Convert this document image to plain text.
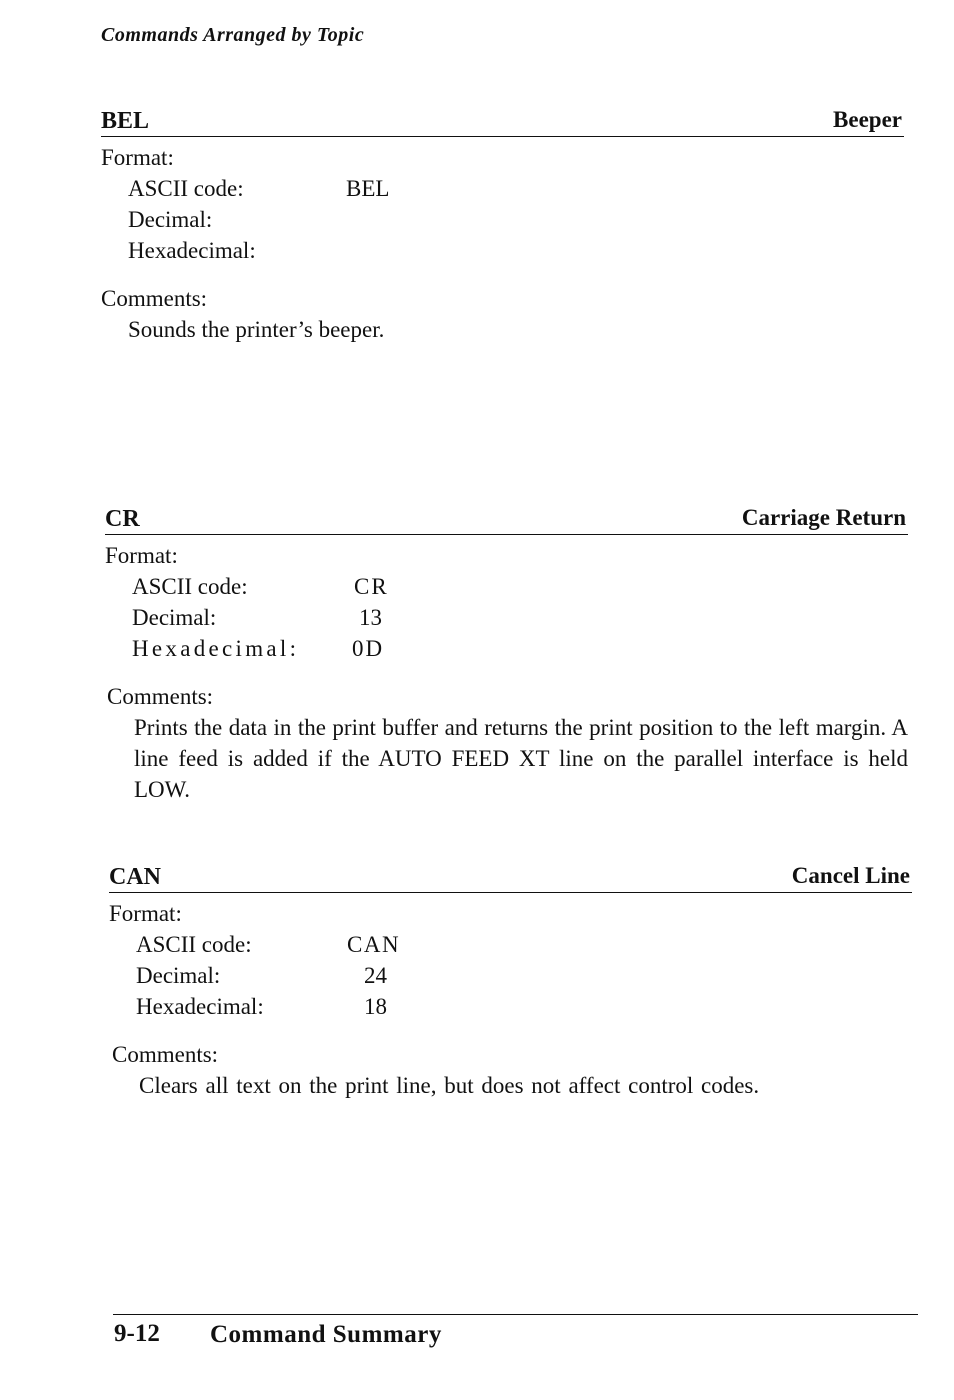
Commands Arranged by Topic
BEL	Beeper
Format:
ASCII code:	BEL
Decimal:
Hexadecimal:
Comments:
Sounds the printer’s beeper.
CR	Carriage Return
Format:
ASCII code:	CR
Decimal:	13
Hexadecimal: 0D
Comments:
Prints the data in the print buffer and returns the print position to the left margin. A line feed is added if the AUTO FEED XT line on the parallel interface is held LOW.
CAN	Cancel Line
Format:
ASCII code:	CAN
Decimal:	24
Hexadecimal:	18
Comments:
Clears all text on the print line, but does not affect control codes.
9-12 Command Summary
